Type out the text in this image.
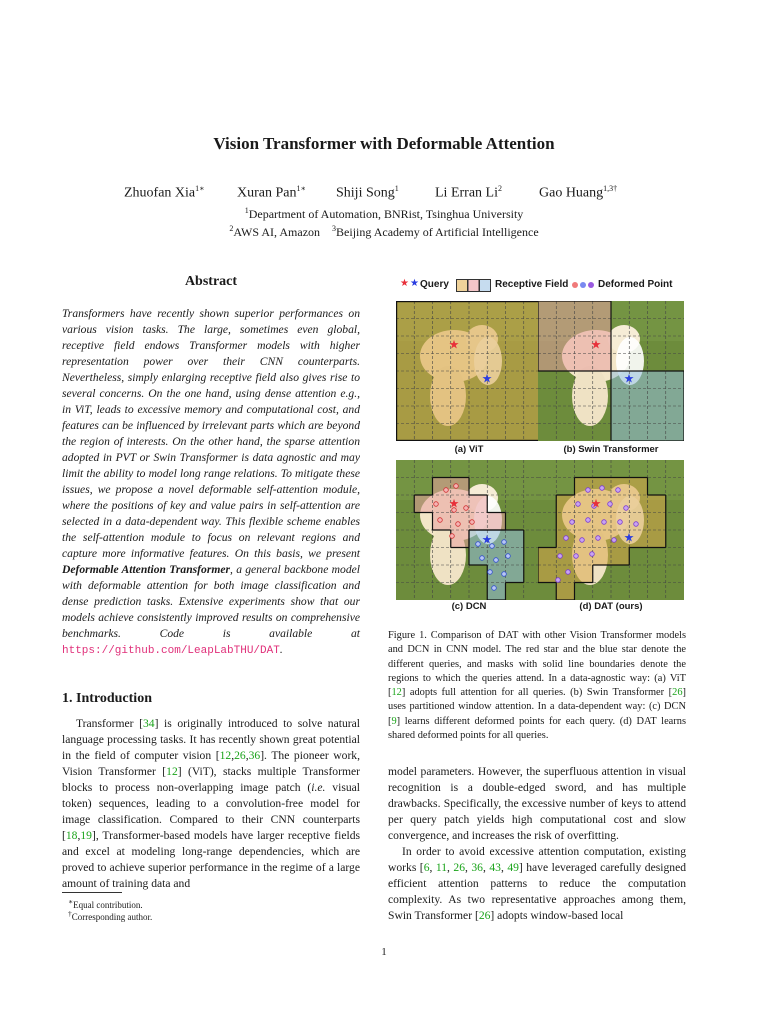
Vision Transformer with Deformable Attention
Zhuofan Xia$^{1∗}$ Xuran Pan$^{1∗}$ Shiji Song$^1$	Li Erran Li$^2$	Gao Huang$^{1,3\dagger}$
$^1$Department of Automation, BNRist, Tsinghua University
$^2$AWS AI, Amazon $^3$Beijing Academy of Artificial Intelligence
Abstract
Transformers have recently shown superior performances on various vision tasks. The large, sometimes even global, receptive field endows Transformer models with higher representation power over their CNN counterparts. Nevertheless, simply enlarging receptive field also gives rise to several concerns. On the one hand, using dense attention e.g., in ViT, leads to excessive memory and computational cost, and features can be influenced by irrelevant parts which are beyond the region of interests. On the other hand, the sparse attention adopted in PVT or Swin Transformer is data agnostic and may limit the ability to model long range relations. To mitigate these issues, we propose a novel deformable self-attention module, where the positions of key and value pairs in self-attention are selected in a data-dependent way. This flexible scheme enables the self-attention module to focus on relevant regions and capture more informative features. On this basis, we present Deformable Attention Transformer, a general backbone model with deformable attention for both image classification and dense prediction tasks. Extensive experiments show that our models achieve consistently improved results on comprehensive benchmarks. Code is available at https://github.com/LeapLabTHU/DAT.
1. Introduction
Transformer [34] is originally introduced to solve natural language processing tasks. It has recently shown great potential in the field of computer vision [12,26,36]. The pioneer work, Vision Transformer [12] (ViT), stacks multiple Transformer blocks to process non-overlapping image patch (i.e. visual token) sequences, leading to a convolution-free model for image classification. Compared to their CNN counterparts [18,19], Transformer-based models have larger receptive fields and excel at modeling long-range dependencies, which are proved to achieve superior performance in the regime of a large amount of training data and
∗Equal contribution.
†Corresponding author.
★ ★ Query	Receptive Field	Deformed Point
★
★
★
★
★
★
★
★
(a) ViT	(b) Swin Transformer
(c) DCN	(d) DAT (ours)
Figure 1. Comparison of DAT with other Vision Transformer models and DCN in CNN model. The red star and the blue star denote the different queries, and masks with solid line boundaries denote the regions to which the queries attend. In a data-agnostic way: (a) ViT [12] adopts full attention for all queries. (b) Swin Transformer [26] uses partitioned window attention. In a data-dependent way: (c) DCN [9] learns different deformed points for each query. (d) DAT learns shared deformed points for all queries.

model parameters. However, the superfluous attention in visual recognition is a double-edged sword, and has multiple drawbacks. Specifically, the excessive number of keys to attend per query patch yields high computational cost and slow convergence, and increases the risk of overfitting.

In order to avoid excessive attention computation, existing works [6, 11, 26, 36, 43, 49] have leveraged carefully designed efficient attention patterns to reduce the computation complexity. As two representative approaches among them, Swin Transformer [26] adopts window-based local

1
